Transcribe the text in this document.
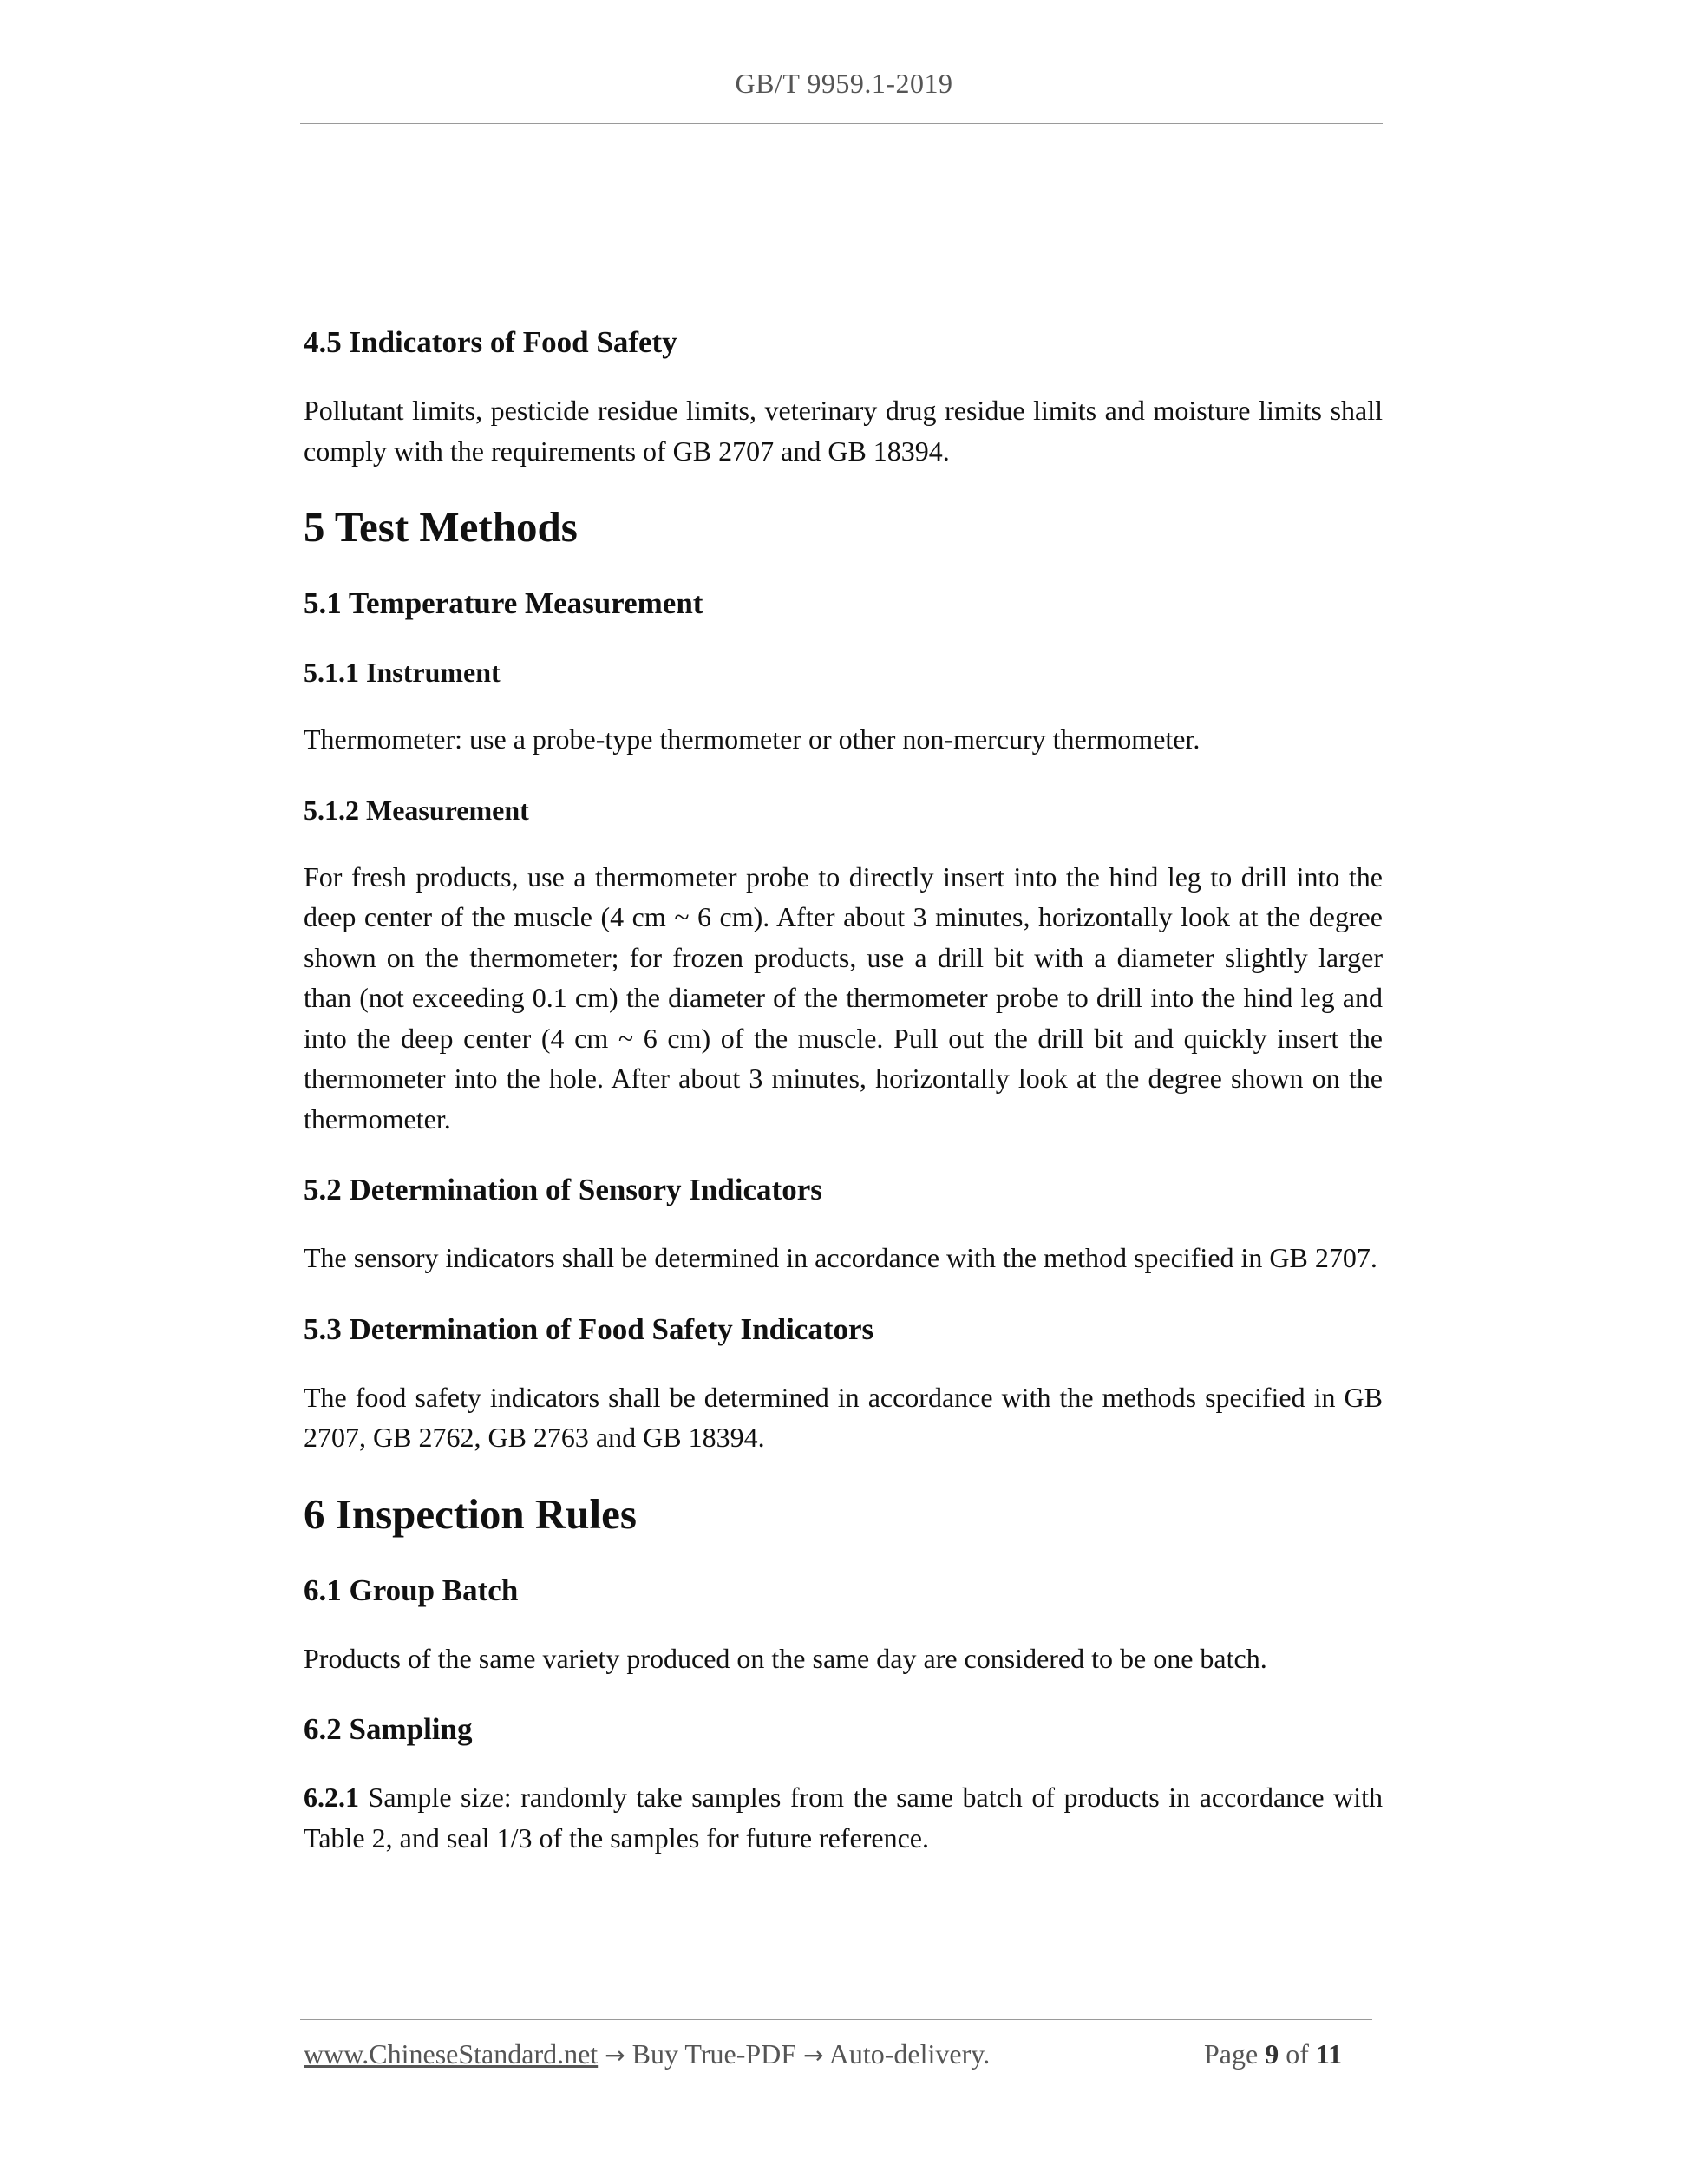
GB/T 9959.1-2019
4.5 Indicators of Food Safety
Pollutant limits, pesticide residue limits, veterinary drug residue limits and moisture limits shall comply with the requirements of GB 2707 and GB 18394.
5 Test Methods
5.1 Temperature Measurement
5.1.1 Instrument
Thermometer: use a probe-type thermometer or other non-mercury thermometer.
5.1.2 Measurement
For fresh products, use a thermometer probe to directly insert into the hind leg to drill into the deep center of the muscle (4 cm ~ 6 cm). After about 3 minutes, horizontally look at the degree shown on the thermometer; for frozen products, use a drill bit with a diameter slightly larger than (not exceeding 0.1 cm) the diameter of the thermometer probe to drill into the hind leg and into the deep center (4 cm ~ 6 cm) of the muscle. Pull out the drill bit and quickly insert the thermometer into the hole. After about 3 minutes, horizontally look at the degree shown on the thermometer.
5.2 Determination of Sensory Indicators
The sensory indicators shall be determined in accordance with the method specified in GB 2707.
5.3 Determination of Food Safety Indicators
The food safety indicators shall be determined in accordance with the methods specified in GB 2707, GB 2762, GB 2763 and GB 18394.
6 Inspection Rules
6.1 Group Batch
Products of the same variety produced on the same day are considered to be one batch.
6.2 Sampling
6.2.1 Sample size: randomly take samples from the same batch of products in accordance with Table 2, and seal 1/3 of the samples for future reference.
www.ChineseStandard.net → Buy True-PDF → Auto-delivery.	Page 9 of 11
